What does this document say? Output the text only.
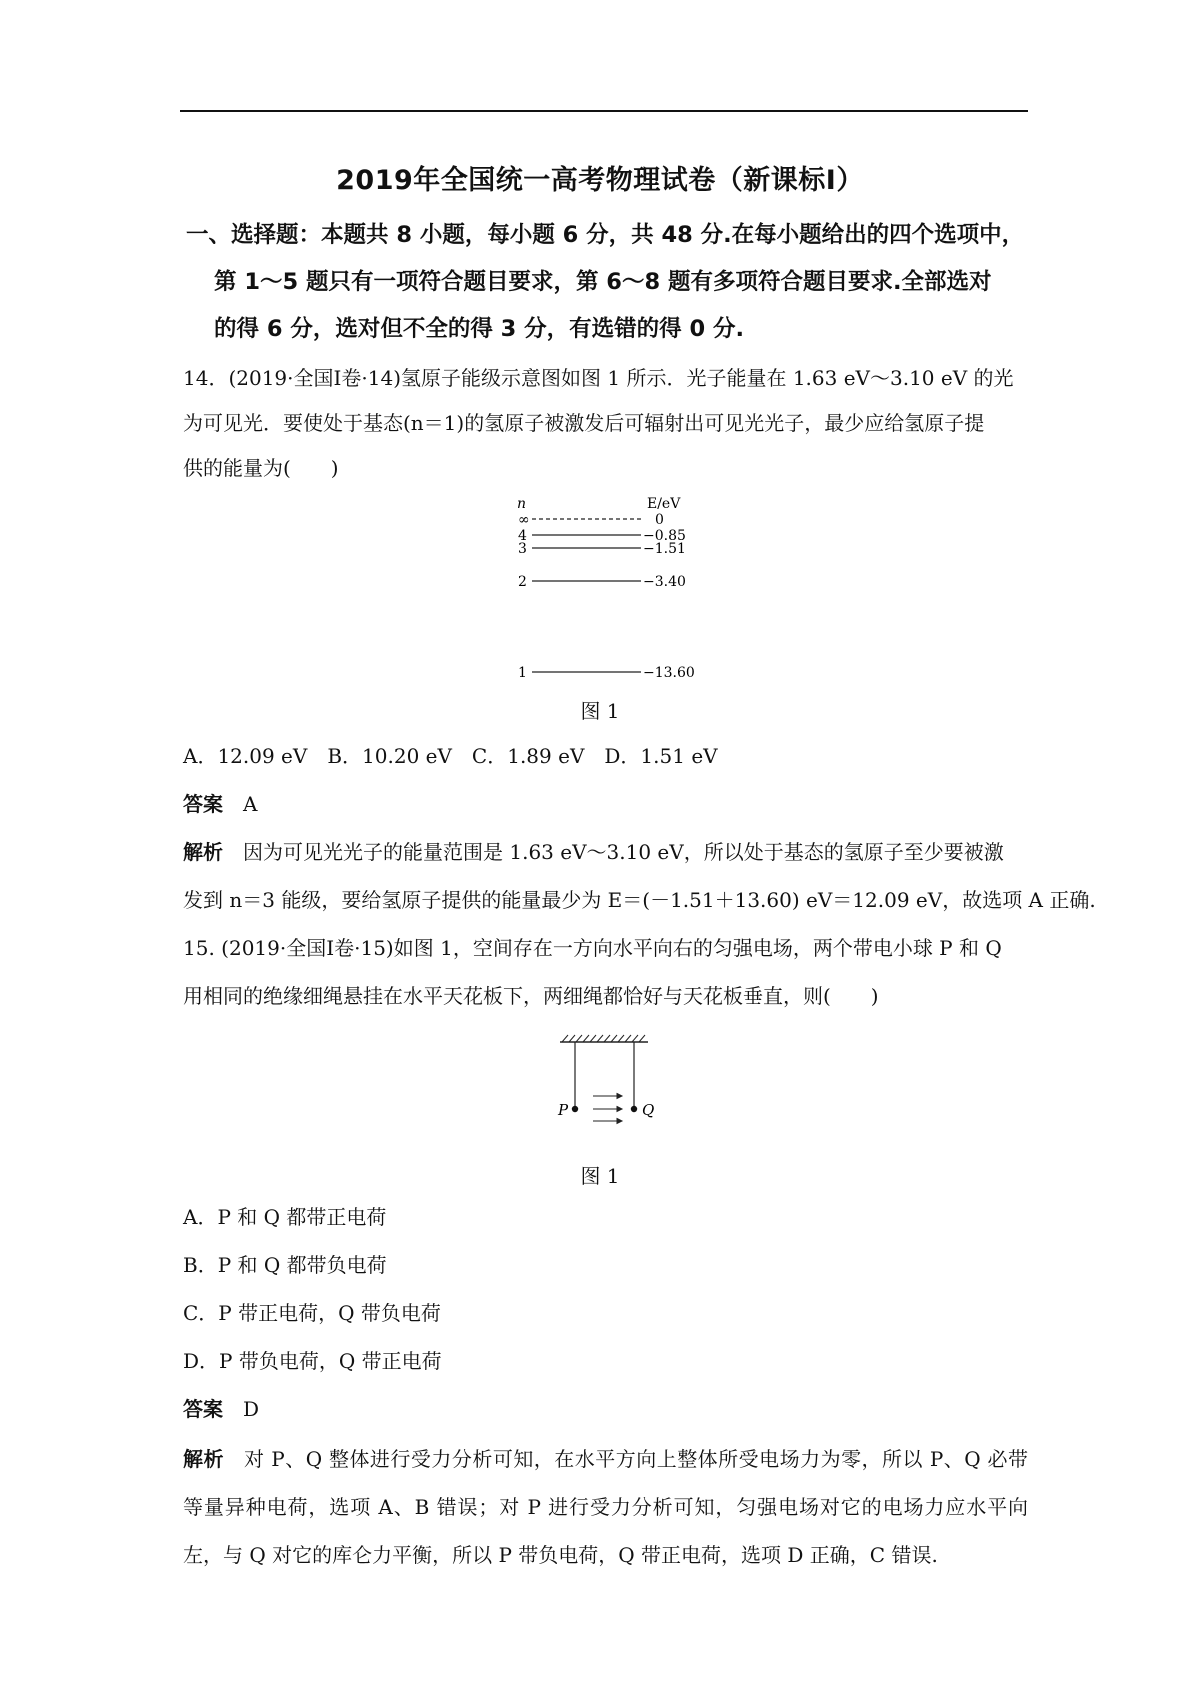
2019年全国统一高考物理试卷（新课标Ⅰ）
一、选择题：本题共 8 小题，每小题 6 分，共 48 分.在每小题给出的四个选项中，
第 1～5 题只有一项符合题目要求，第 6～8 题有多项符合题目要求.全部选对
的得 6 分，选对但不全的得 3 分，有选错的得 0 分.
14．(2019·全国Ⅰ卷·14)氢原子能级示意图如图 1 所示．光子能量在 1.63 eV～3.10 eV 的光
为可见光．要使处于基态(n＝1)的氢原子被激发后可辐射出可见光光子，最少应给氢原子提
供的能量为(　　)
n	E/eV
∞	0
4	−0.85
3	−1.51
2	−3.40
1	−13.60
图 1
A．12.09 eV　B．10.20 eV　C．1.89 eV　D．1.51 eV
答案 A
解析 因为可见光光子的能量范围是 1.63 eV～3.10 eV，所以处于基态的氢原子至少要被激
发到 n＝3 能级，要给氢原子提供的能量最少为 E＝(－1.51＋13.60) eV＝12.09 eV，故选项 A 正确.
15. (2019·全国Ⅰ卷·15)如图 1，空间存在一方向水平向右的匀强电场，两个带电小球 P 和 Q
用相同的绝缘细绳悬挂在水平天花板下，两细绳都恰好与天花板垂直，则(　　)
P	Q
图 1
A．P 和 Q 都带正电荷
B．P 和 Q 都带负电荷
C．P 带正电荷，Q 带负电荷
D．P 带负电荷，Q 带正电荷
答案 D
解析 对 P、Q 整体进行受力分析可知，在水平方向上整体所受电场力为零，所以 P、Q 必带等量异种电荷，选项 A、B 错误；对 P 进行受力分析可知，匀强电场对它的电场力应水平向左，与 Q 对它的库仑力平衡，所以 P 带负电荷，Q 带正电荷，选项 D 正确，C 错误.
